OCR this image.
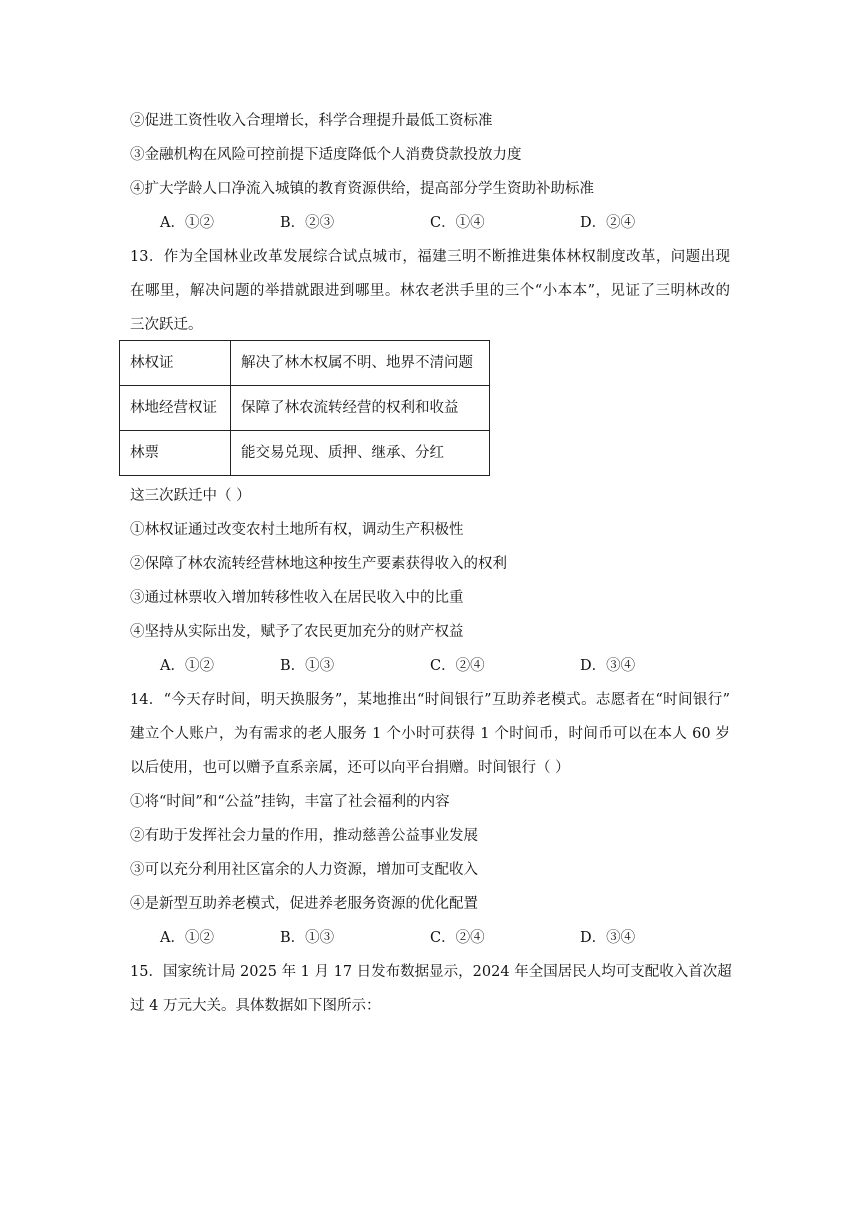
②促进工资性收入合理增长，科学合理提升最低工资标准
③金融机构在风险可控前提下适度降低个人消费贷款投放力度
④扩大学龄人口净流入城镇的教育资源供给，提高部分学生资助补助标准
A．①②	B．②③	C．①④	D．②④
13．作为全国林业改革发展综合试点城市，福建三明不断推进集体林权制度改革，问题出现
在哪里，解决问题的举措就跟进到哪里。林农老洪手里的三个“小本本”，见证了三明林改的
三次跃迁。
林权证	解决了林木权属不明、地界不清问题
林地经营权证	保障了林农流转经营的权利和收益
林票	能交易兑现、质押、继承、分红
这三次跃迁中（ ）
①林权证通过改变农村土地所有权，调动生产积极性
②保障了林农流转经营林地这种按生产要素获得收入的权利
③通过林票收入增加转移性收入在居民收入中的比重
④坚持从实际出发，赋予了农民更加充分的财产权益
A．①②	B．①③	C．②④	D．③④
14．“今天存时间，明天换服务”，某地推出“时间银行”互助养老模式。志愿者在“时间银行”
建立个人账户，为有需求的老人服务 1 个小时可获得 1 个时间币，时间币可以在本人 60 岁
以后使用，也可以赠予直系亲属，还可以向平台捐赠。时间银行（ ）
①将“时间”和“公益”挂钩，丰富了社会福利的内容
②有助于发挥社会力量的作用，推动慈善公益事业发展
③可以充分利用社区富余的人力资源，增加可支配收入
④是新型互助养老模式，促进养老服务资源的优化配置
A．①②	B．①③	C．②④	D．③④
15．国家统计局 2025 年 1 月 17 日发布数据显示，2024 年全国居民人均可支配收入首次超
过 4 万元大关。具体数据如下图所示：
